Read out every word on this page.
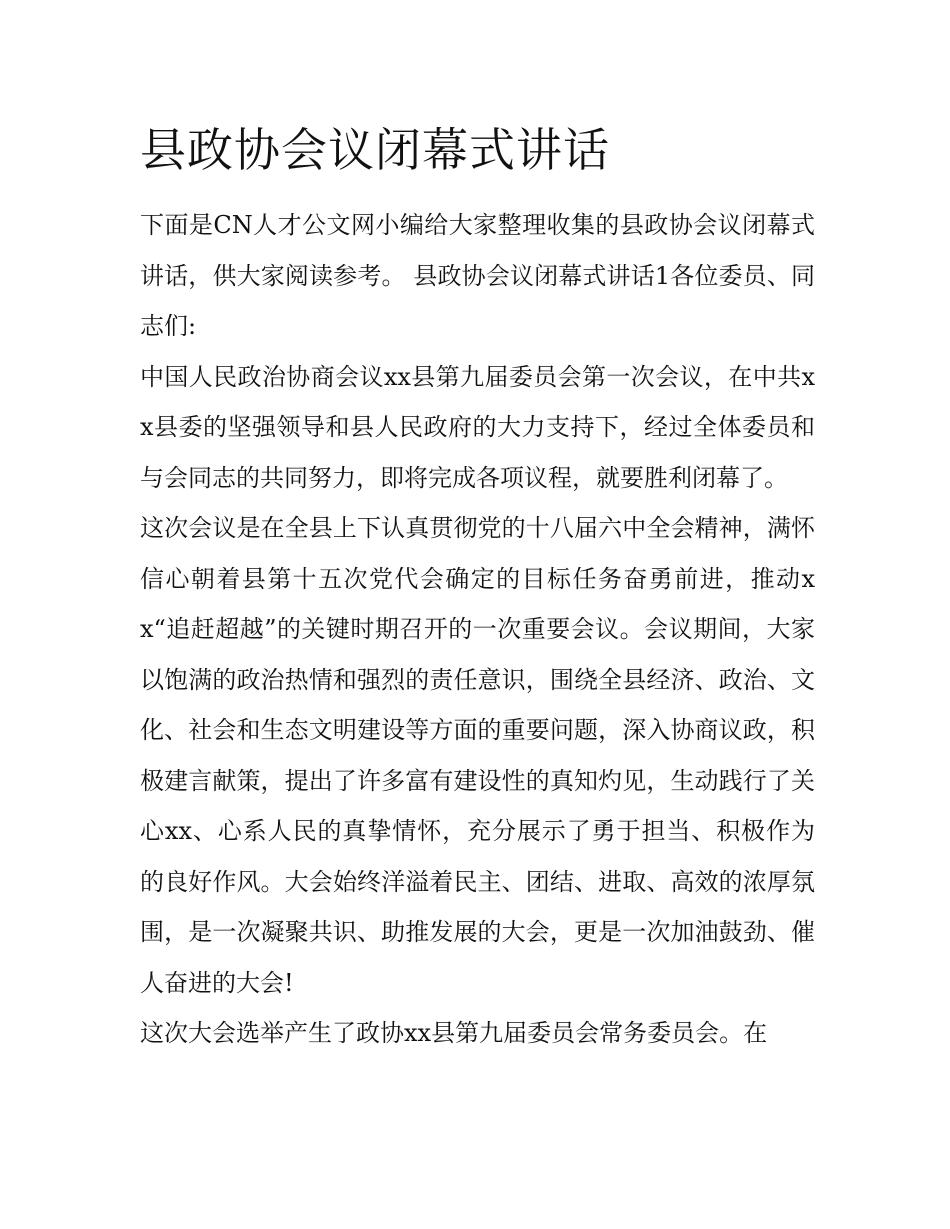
县政协会议闭幕式讲话

下面是CN人才公文网小编给大家整理收集的县政协会议闭幕式讲话，供大家阅读参考。 县政协会议闭幕式讲话1各位委员、同志们:

中国人民政治协商会议xx县第九届委员会第一次会议，在中共xx县委的坚强领导和县人民政府的大力支持下，经过全体委员和与会同志的共同努力，即将完成各项议程，就要胜利闭幕了。

这次会议是在全县上下认真贯彻党的十八届六中全会精神，满怀信心朝着县第十五次党代会确定的目标任务奋勇前进，推动xx“追赶超越”的关键时期召开的一次重要会议。会议期间，大家以饱满的政治热情和强烈的责任意识，围绕全县经济、政治、文化、社会和生态文明建设等方面的重要问题，深入协商议政，积极建言献策，提出了许多富有建设性的真知灼见，生动践行了关心xx、心系人民的真挚情怀，充分展示了勇于担当、积极作为的良好作风。大会始终洋溢着民主、团结、进取、高效的浓厚氛围，是一次凝聚共识、助推发展的大会，更是一次加油鼓劲、催人奋进的大会!

这次大会选举产生了政协xx县第九届委员会常务委员会。在
